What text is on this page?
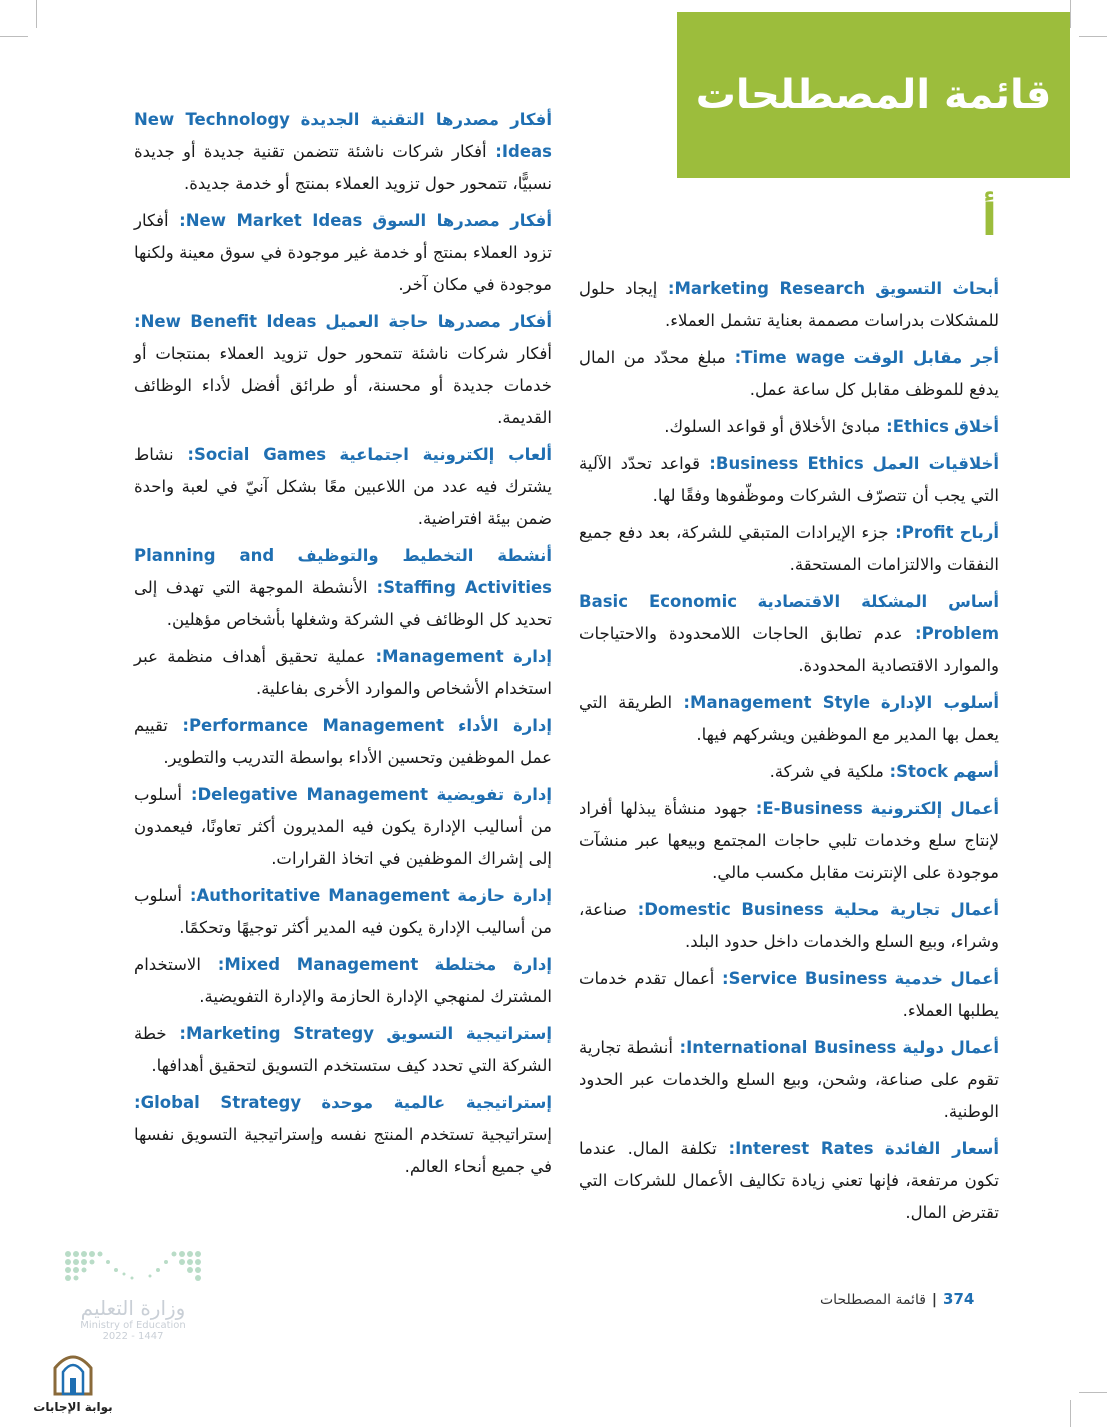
قائمة المصطلحات
أ

أبحاث التسويق Marketing Research: إيجاد حلول للمشكلات بدراسات مصممة بعناية تشمل العملاء.

أجر مقابل الوقت Time wage: مبلغ محدّد من المال يدفع للموظف مقابل كل ساعة عمل.

أخلاق Ethics: مبادئ الأخلاق أو قواعد السلوك.

أخلاقيات العمل Business Ethics: قواعد تحدّد الآلية التي يجب أن تتصرّف الشركات وموظّفوها وفقًا لها.

أرباح Profit: جزء الإيرادات المتبقي للشركة، بعد دفع جميع النفقات والالتزامات المستحقة.

أساس المشكلة الاقتصادية Basic Economic Problem: عدم تطابق الحاجات اللامحدودة والاحتياجات والموارد الاقتصادية المحدودة.

أسلوب الإدارة Management Style: الطريقة التي يعمل بها المدير مع الموظفين ويشركهم فيها.

أسهم Stock: ملكية في شركة.

أعمال إلكترونية E-Business: جهود منشأة يبذلها أفراد لإنتاج سلع وخدمات تلبي حاجات المجتمع وبيعها عبر منشآت موجودة على الإنترنت مقابل مكسب مالي.

أعمال تجارية محلية Domestic Business: صناعة، وشراء، وبيع السلع والخدمات داخل حدود البلد.

أعمال خدمية Service Business: أعمال تقدم خدمات يطلبها العملاء.

أعمال دولية International Business: أنشطة تجارية تقوم على صناعة، وشحن، وبيع السلع والخدمات عبر الحدود الوطنية.

أسعار الفائدة Interest Rates: تكلفة المال. عندما تكون مرتفعة، فإنها تعني زيادة تكاليف الأعمال للشركات التي تقترض المال.

أفكار مصدرها التقنية الجديدة New Technology Ideas: أفكار شركات ناشئة تتضمن تقنية جديدة أو جديدة نسبيًّا، تتمحور حول تزويد العملاء بمنتج أو خدمة جديدة.

أفكار مصدرها السوق New Market Ideas: أفكار تزود العملاء بمنتج أو خدمة غير موجودة في سوق معينة ولكنها موجودة في مكان آخر.

أفكار مصدرها حاجة العميل New Benefit Ideas: أفكار شركات ناشئة تتمحور حول تزويد العملاء بمنتجات أو خدمات جديدة أو محسنة، أو طرائق أفضل لأداء الوظائف القديمة.

ألعاب إلكترونية اجتماعية Social Games: نشاط يشترك فيه عدد من اللاعبين معًا بشكل آنيّ في لعبة واحدة ضمن بيئة افتراضية.

أنشطة التخطيط والتوظيف Planning and Staffing Activities: الأنشطة الموجهة التي تهدف إلى تحديد كل الوظائف في الشركة وشغلها بأشخاص مؤهلين.

إدارة Management: عملية تحقيق أهداف منظمة عبر استخدام الأشخاص والموارد الأخرى بفاعلية.

إدارة الأداء Performance Management: تقييم عمل الموظفين وتحسين الأداء بواسطة التدريب والتطوير.

إدارة تفويضية Delegative Management: أسلوب من أساليب الإدارة يكون فيه المديرون أكثر تعاونًا، فيعمدون إلى إشراك الموظفين في اتخاذ القرارات.

إدارة حازمة Authoritative Management: أسلوب من أساليب الإدارة يكون فيه المدير أكثر توجيهًا وتحكمًا.

إدارة مختلطة Mixed Management: الاستخدام المشترك لمنهجي الإدارة الحازمة والإدارة التفويضية.

إستراتيجية التسويق Marketing Strategy: خطة الشركة التي تحدد كيف ستستخدم التسويق لتحقيق أهدافها.

إستراتيجية عالمية موحدة Global Strategy: إستراتيجية تستخدم المنتج نفسه وإستراتيجية التسويق نفسها في جميع أنحاء العالم.

374|قائمة المصطلحات
وزارة التعليم
Ministry of Education
2022 - 1447
بوابة الإجابات
